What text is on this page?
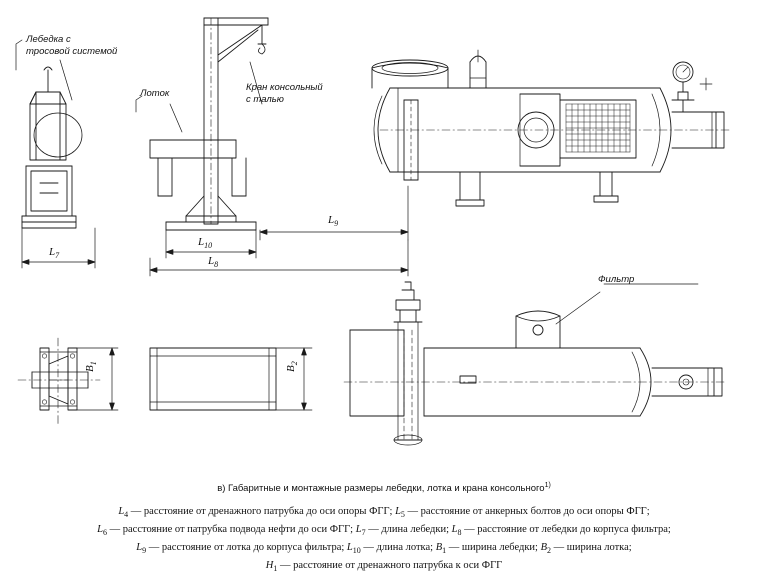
Лебедка с
тросовой системой
Лоток
Кран консольный
с талью
Фильтр
$L_7$
$L_{10}$
$L_8$
$L_9$
$B_1$
$B_2$
в) Габаритные и монтажные размеры лебедки, лотка и крана консольного$^{1)}$
$L_4$ — расстояние от дренажного патрубка до оси опоры ФГГ; $L_5$ — расстояние от анкерных болтов до оси опоры ФГГ;
$L_6$ — расстояние от патрубка подвода нефти до оси ФГГ; $L_7$ — длина лебедки; $L_8$ — расстояние от лебедки до корпуса фильтра;
$L_9$ — расстояние от лотка до корпуса фильтра; $L_{10}$ — длина лотка; $B_1$ — ширина лебедки; $B_2$ — ширина лотка;
$H_1$ — расстояние от дренажного патрубка к оси ФГГ
